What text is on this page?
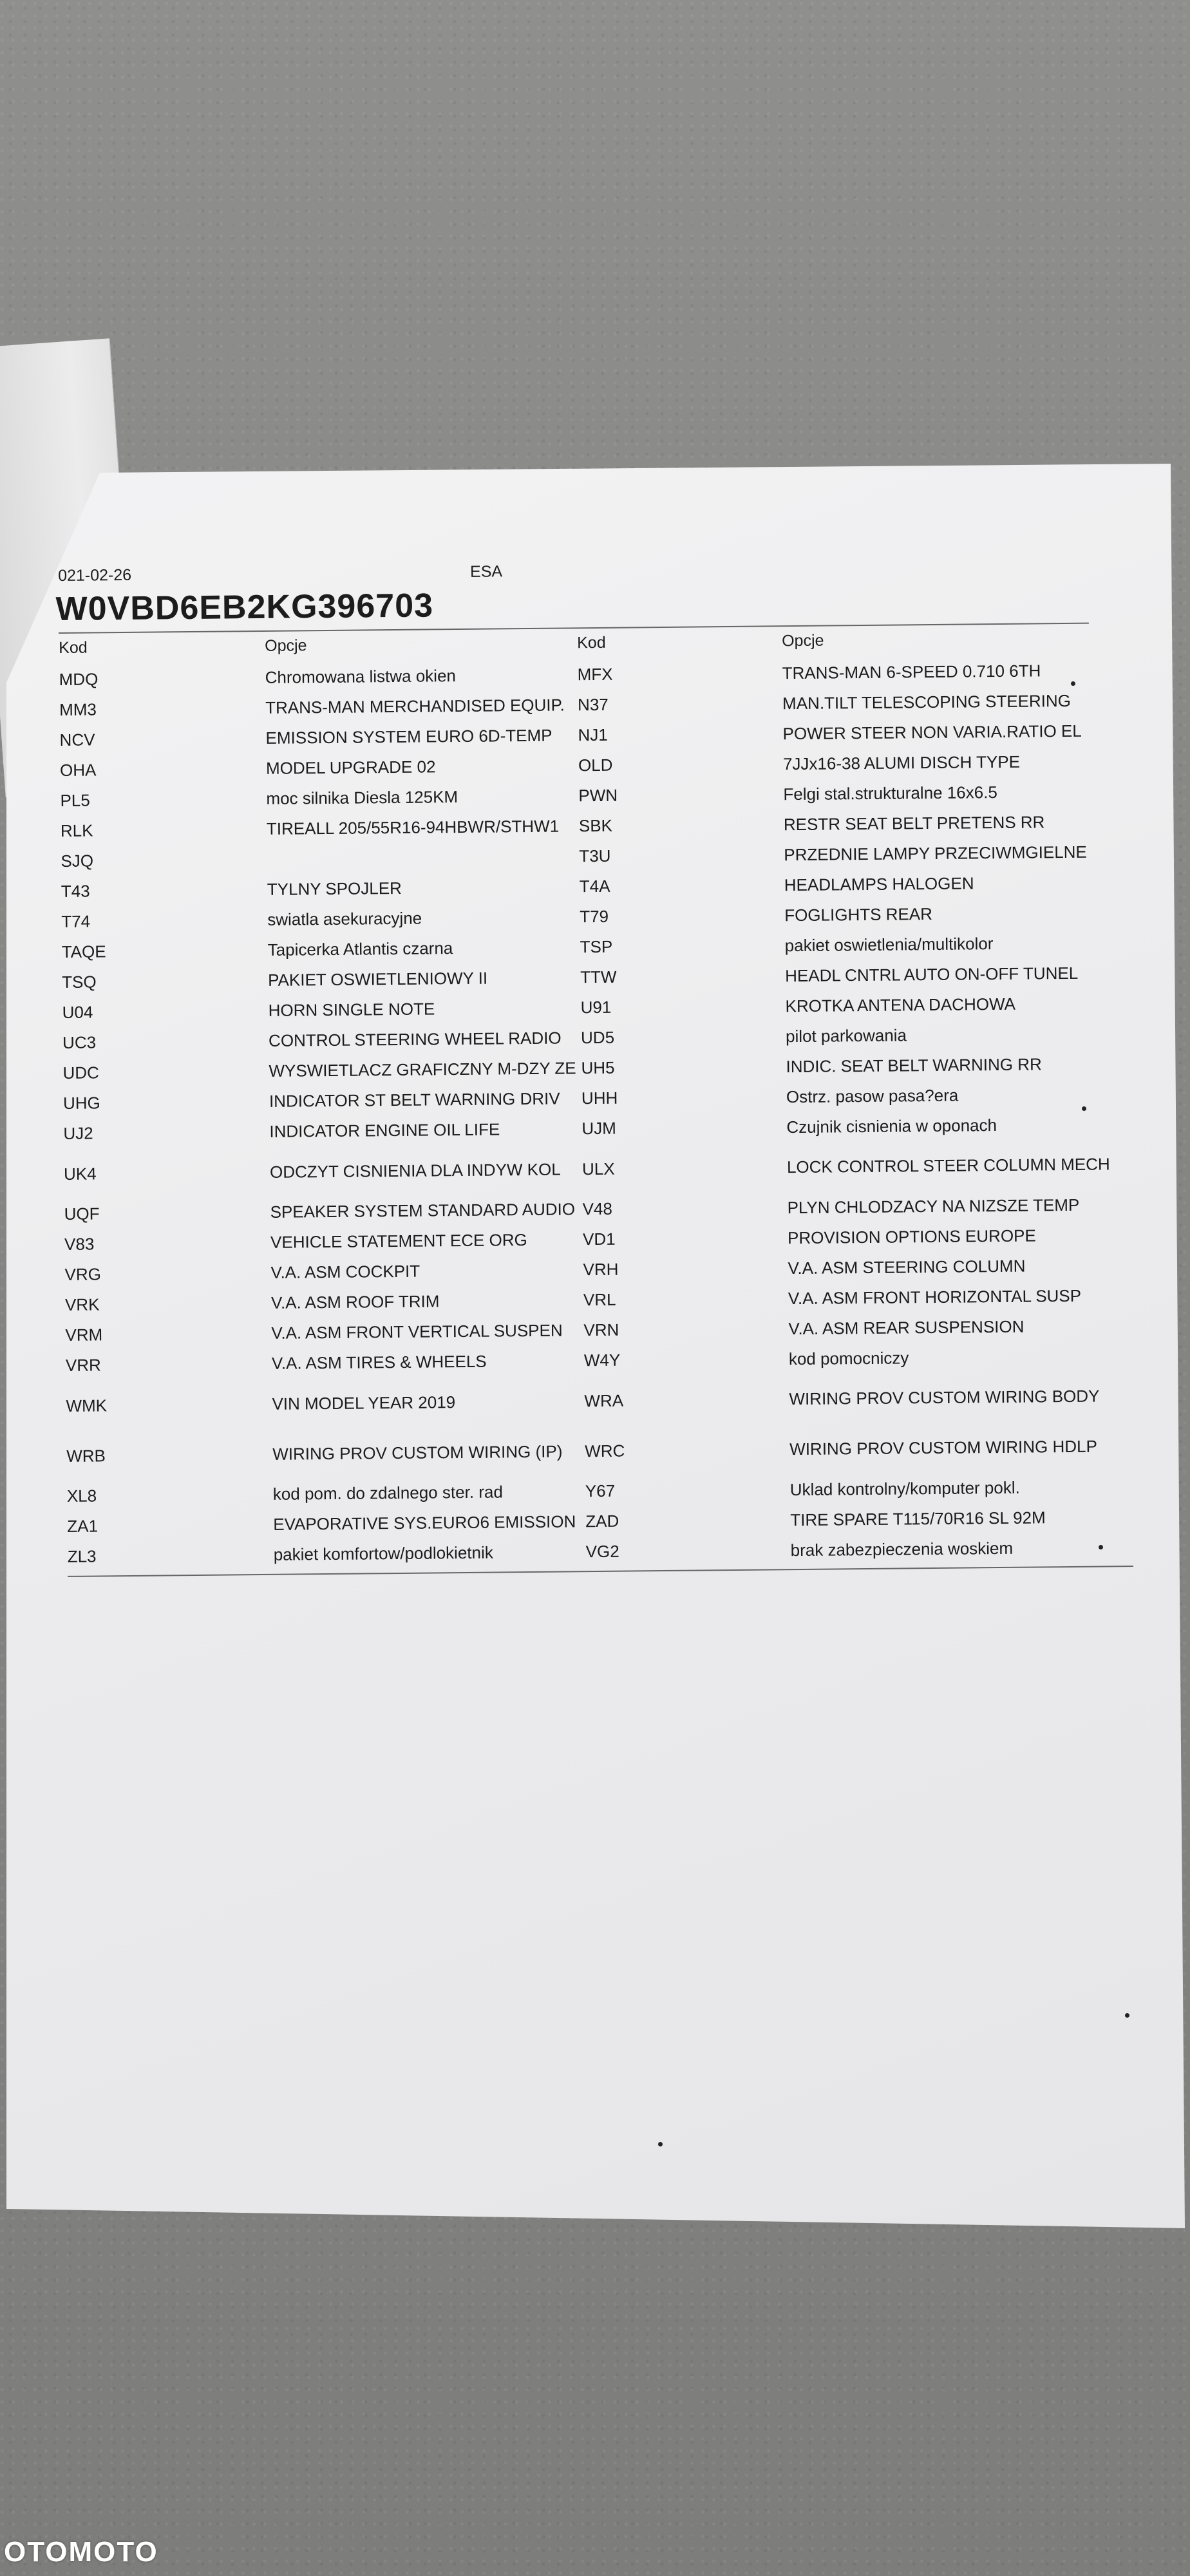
021-02-26	ESA
W0VBD6EB2KG396703
Kod	Opcje	Kod	Opcje
MDQ	Chromowana listwa okien	MFX	TRANS-MAN 6-SPEED 0.710 6TH
MM3	TRANS-MAN MERCHANDISED EQUIP.	N37	MAN.TILT TELESCOPING STEERING
NCV	EMISSION SYSTEM EURO 6D-TEMP	NJ1	POWER STEER NON VARIA.RATIO EL
OHA	MODEL UPGRADE 02	OLD	7JJx16-38 ALUMI DISCH TYPE
PL5	moc silnika Diesla 125KM	PWN	Felgi stal.strukturalne 16x6.5
RLK	TIREALL 205/55R16-94HBWR/STHW1	SBK	RESTR SEAT BELT PRETENS RR
SJQ		T3U	PRZEDNIE LAMPY PRZECIWMGIELNE
T43	TYLNY SPOJLER	T4A	HEADLAMPS HALOGEN
T74	swiatla asekuracyjne	T79	FOGLIGHTS REAR
TAQE	Tapicerka Atlantis czarna	TSP	pakiet oswietlenia/multikolor
TSQ	PAKIET OSWIETLENIOWY II	TTW	HEADL CNTRL AUTO ON-OFF TUNEL
U04	HORN SINGLE NOTE	U91	KROTKA ANTENA DACHOWA
UC3	CONTROL STEERING WHEEL RADIO	UD5	pilot parkowania
UDC	WYSWIETLACZ GRAFICZNY M-DZY ZE	UH5	INDIC. SEAT BELT WARNING RR
UHG	INDICATOR ST BELT WARNING DRIV	UHH	Ostrz. pasow pasa?era
UJ2	INDICATOR ENGINE OIL LIFE	UJM	Czujnik cisnienia w oponach
UK4	ODCZYT CISNIENIA DLA INDYW KOL	ULX	LOCK CONTROL STEER COLUMN MECH
UQF	SPEAKER SYSTEM STANDARD AUDIO	V48	PLYN CHLODZACY NA NIZSZE TEMP
V83	VEHICLE STATEMENT ECE ORG	VD1	PROVISION OPTIONS EUROPE
VRG	V.A. ASM COCKPIT	VRH	V.A. ASM STEERING COLUMN
VRK	V.A. ASM ROOF TRIM	VRL	V.A. ASM FRONT HORIZONTAL SUSP
VRM	V.A. ASM FRONT VERTICAL SUSPEN	VRN	V.A. ASM REAR SUSPENSION
VRR	V.A. ASM TIRES & WHEELS	W4Y	kod pomocniczy
WMK	VIN MODEL YEAR 2019	WRA	WIRING PROV CUSTOM WIRING BODY
WRB	WIRING PROV CUSTOM WIRING (IP)	WRC	WIRING PROV CUSTOM WIRING HDLP
XL8	kod pom. do zdalnego ster. rad	Y67	Uklad kontrolny/komputer pokl.
ZA1	EVAPORATIVE SYS.EURO6 EMISSION	ZAD	TIRE SPARE T115/70R16 SL 92M
ZL3	pakiet komfortow/podlokietnik	VG2	brak zabezpieczenia woskiem
OTOMOTO
